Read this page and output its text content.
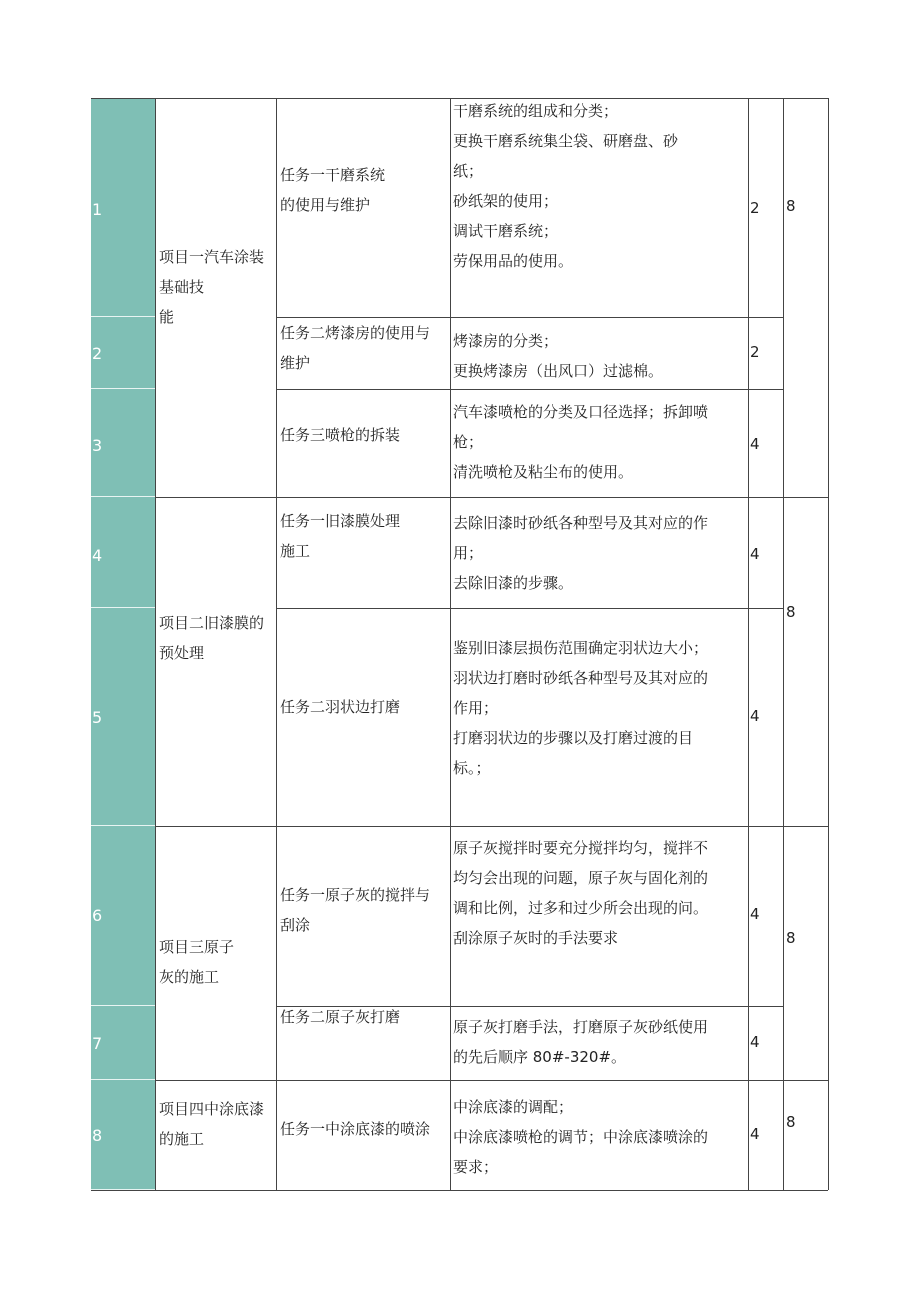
1
2
3
4
5
6
7
8
项目一汽车涂装
基础技
能
项目二旧漆膜的
预处理
项目三原子
灰的施工
项目四中涂底漆
的施工
任务一干磨系统
的使用与维护
任务二烤漆房的使用与
维护
任务三喷枪的拆装
任务一旧漆膜处理
施工
任务二羽状边打磨
任务一原子灰的搅拌与
刮涂
任务二原子灰打磨
任务一中涂底漆的喷涂
干磨系统的组成和分类；
更换干磨系统集尘袋、研磨盘、砂
纸；
砂纸架的使用；
调试干磨系统；
劳保用品的使用。
烤漆房的分类；
更换烤漆房（出风口）过滤棉。
汽车漆喷枪的分类及口径选择；拆卸喷
枪；
清洗喷枪及粘尘布的使用。
去除旧漆时砂纸各种型号及其对应的作
用；
去除旧漆的步骤。
鉴别旧漆层损伤范围确定羽状边大小；
羽状边打磨时砂纸各种型号及其对应的
作用；
打磨羽状边的步骤以及打磨过渡的目
标。；
原子灰搅拌时要充分搅拌均匀，搅拌不
均匀会出现的问题，原子灰与固化剂的
调和比例，过多和过少所会出现的问。
刮涂原子灰时的手法要求
原子灰打磨手法，打磨原子灰砂纸使用
的先后顺序 80#-320#。
中涂底漆的调配；
中涂底漆喷枪的调节；中涂底漆喷涂的
要求；
2
2
4
4
4
4
4
4
8
8
8
8
